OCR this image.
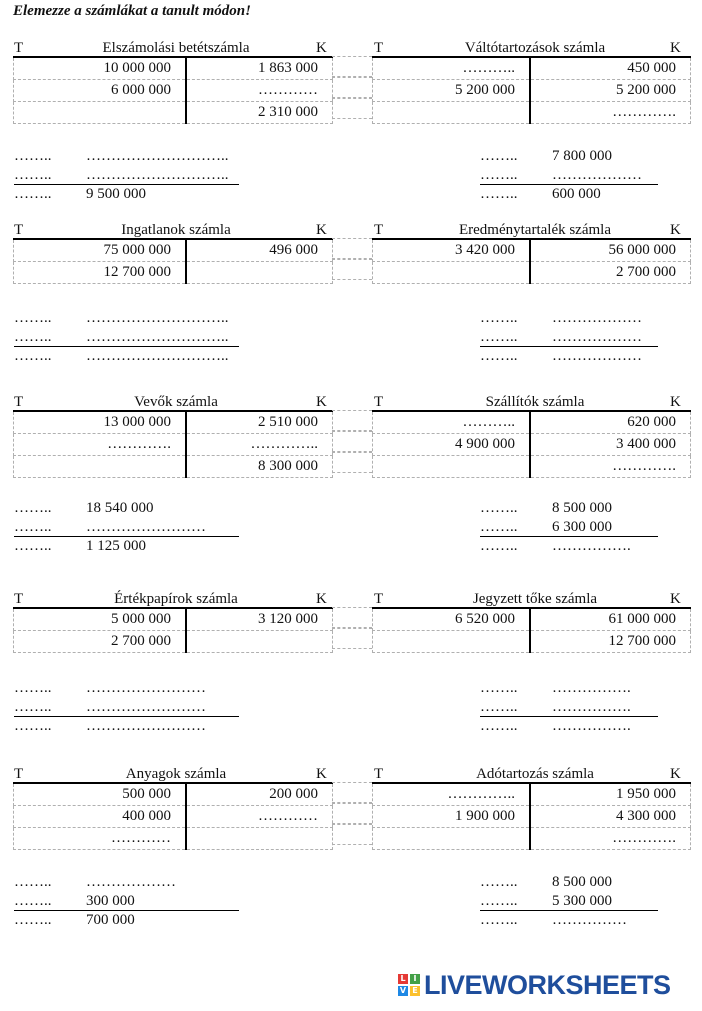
Elemezze a számlákat a tanult módon!
T	Elszámolási betétszámla	K	T	Váltótartozások számla	K
10 000 000	1 863 000
6 000 000	…………
	2 310 000
………..	450 000
5 200 000	5 200 000
	………….
…….. ………………………..
…….. ………………………..
…….. 9 500 000
…….. 7 800 000
…….. ………………
…….. 600 000
T	Ingatlanok számla	K	T	Eredménytartalék számla	K
75 000 000	496 000
12 700 000	
3 420 000	56 000 000
	2 700 000
…….. ………………………..
…….. ………………………..
…….. ………………………..
…….. ………………
…….. ………………
…….. ………………
T	Vevők számla	K	T	Szállítók számla	K
13 000 000	2 510 000
………….	…………..
	8 300 000
………..	620 000
4 900 000	3 400 000
	………….
…….. 18 540 000
…….. ……………………
…….. 1 125 000
…….. 8 500 000
…….. 6 300 000
…….. …………….
T	Értékpapírok számla	K	T	Jegyzett tőke számla	K
5 000 000	3 120 000
2 700 000	
6 520 000	61 000 000
	12 700 000
…….. ……………………
…….. ……………………
…….. ……………………
…….. …………….
…….. …………….
…….. …………….
T	Anyagok számla	K	T	Adótartozás számla	K
500 000	200 000
400 000	…………
…………	
…………..	1 950 000
1 900 000	4 300 000
	………….
…….. ………………
…….. 300 000
…….. 700 000
…….. 8 500 000
…….. 5 300 000
…….. ……………
L I
V E LIVEWORKSHEETS
